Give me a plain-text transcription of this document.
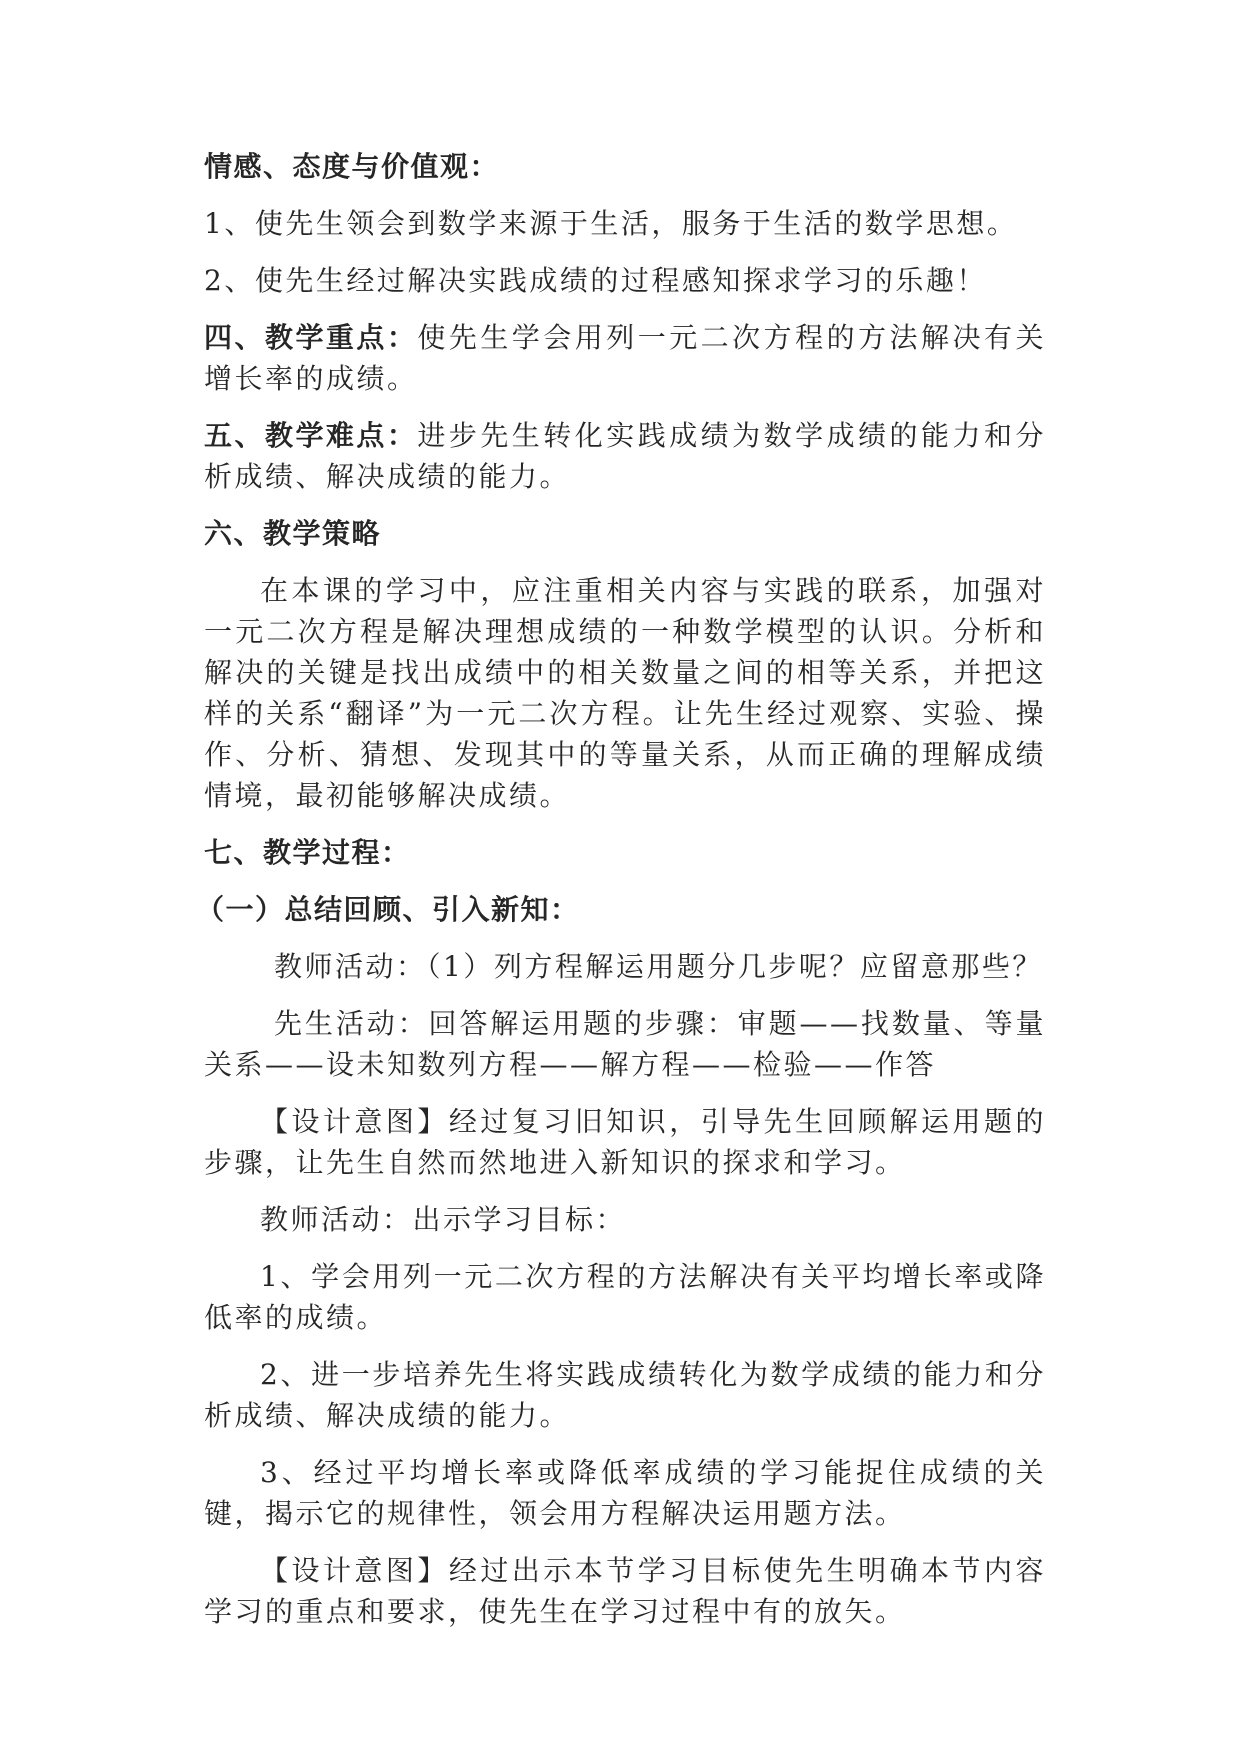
情感、态度与价值观：

1、使先生领会到数学来源于生活，服务于生活的数学思想。

2、使先生经过解决实践成绩的过程感知探求学习的乐趣！

四、教学重点：使先生学会用列一元二次方程的方法解决有关增长率的成绩。

五、教学难点：进步先生转化实践成绩为数学成绩的能力和分析成绩、解决成绩的能力。

六、教学策略

在本课的学习中，应注重相关内容与实践的联系，加强对一元二次方程是解决理想成绩的一种数学模型的认识。分析和解决的关键是找出成绩中的相关数量之间的相等关系，并把这样的关系“翻译”为一元二次方程。让先生经过观察、实验、操作、分析、猜想、发现其中的等量关系，从而正确的理解成绩情境，最初能够解决成绩。

七、教学过程：

（一）总结回顾、引入新知：

教师活动：（1）列方程解运用题分几步呢？应留意那些？

先生活动：回答解运用题的步骤：审题——找数量、等量关系——设未知数列方程——解方程——检验——作答

【设计意图】经过复习旧知识，引导先生回顾解运用题的步骤，让先生自然而然地进入新知识的探求和学习。

教师活动：出示学习目标：

1、学会用列一元二次方程的方法解决有关平均增长率或降低率的成绩。

2、进一步培养先生将实践成绩转化为数学成绩的能力和分析成绩、解决成绩的能力。

3、经过平均增长率或降低率成绩的学习能捉住成绩的关键，揭示它的规律性，领会用方程解决运用题方法。

【设计意图】经过出示本节学习目标使先生明确本节内容学习的重点和要求，使先生在学习过程中有的放矢。
